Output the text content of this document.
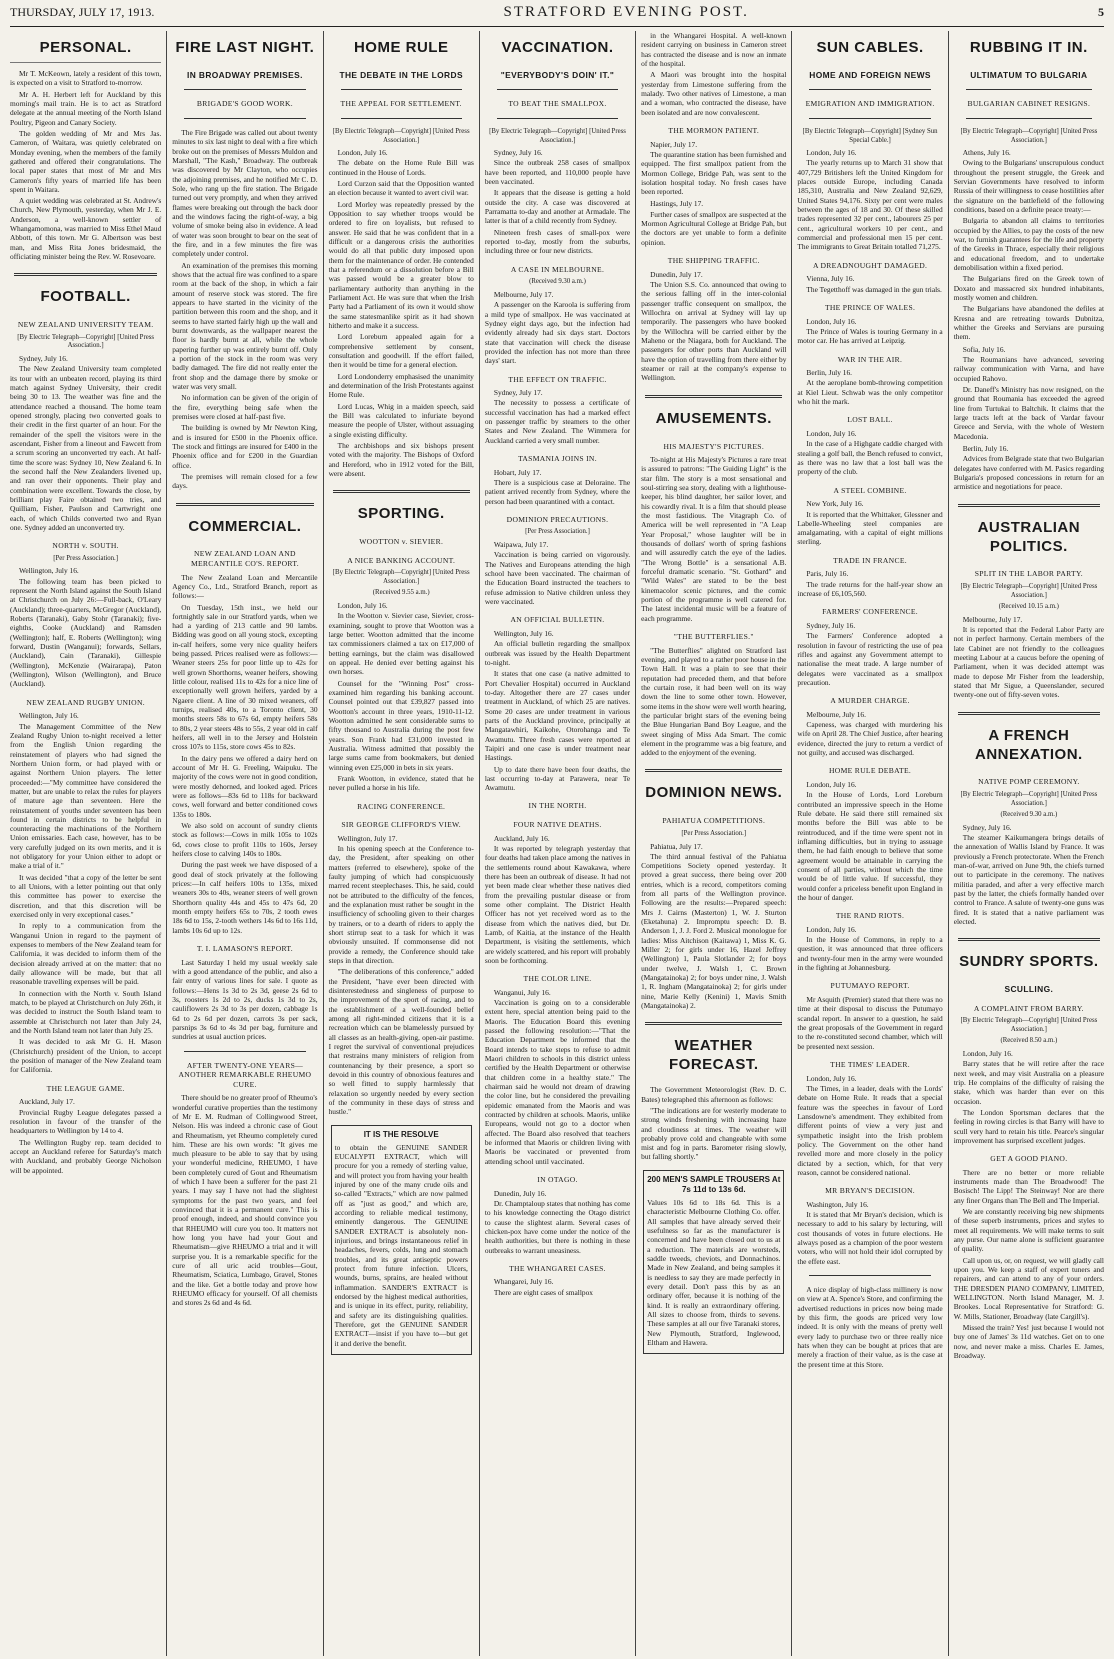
THURSDAY, JULY 17, 1913.	STRATFORD EVENING POST.	5
PERSONAL.

Mr T. McKeown, lately a resident of this town, is expected on a visit to Stratford to-morrow.

Mr A. H. Herbert left for Auckland by this morning's mail train. He is to act as Stratford delegate at the annual meeting of the North Island Poultry, Pigeon and Canary Society.

The golden wedding of Mr and Mrs Jas. Cameron, of Waitara, was quietly celebrated on Monday evening, when the members of the family gathered and offered their congratulations. The local paper states that most of Mr and Mrs Cameron's fifty years of married life has been spent in Waitara.

A quiet wedding was celebrated at St. Andrew's Church, New Plymouth, yesterday, when Mr J. E. Anderson, a well-known settler of Whangamomona, was married to Miss Ethel Maud Abbott, of this town. Mr G. Albertson was best man, and Miss Rita Jones bridesmaid, the officiating minister being the Rev. W. Rosevoare.

FOOTBALL.
NEW ZEALAND UNIVERSITY TEAM.

[By Electric Telegraph—Copyright] [United Press Association.]

Sydney, July 16.

The New Zealand University team completed its tour with an unbeaten record, playing its third match against Sydney University, their credit being 30 to 13. The weather was fine and the attendance reached a thousand. The home team opened strongly, placing two converted goals to their credit in the first quarter of an hour. For the remainder of the spell the visitors were in the ascendant, Fisher from a lineout and Fawcett from a scrum scoring an unconverted try each. At half-time the score was: Sydney 10, New Zealand 6. In the second half the New Zealanders livened up, and ran over their opponents. Their play and combination were excellent. Towards the close, by brilliant play Faire obtained two tries, and Quilliam, Fisher, Paulson and Cartwright one each, of which Childs converted two and Ryan one. Sydney added an unconverted try.

NORTH v. SOUTH.

[Per Press Association.]

Wellington, July 16.

The following team has been picked to represent the North Island against the South Island at Christchurch on July 26:—Full-back, O'Leary (Auckland); three-quarters, McGregor (Auckland), Roberts (Taranaki), Gaby Stohr (Taranaki); five-eighths, Cooke (Auckland) and Ramsden (Wellington); half, E. Roberts (Wellington); wing forward, Dustin (Wanganui); forwards, Sellars, (Auckland), Cain (Taranaki), Gillespie (Wellington), McKenzie (Wairarapa), Paton (Wellington), Wilson (Wellington), and Bruce (Auckland).

NEW ZEALAND RUGBY UNION.

Wellington, July 16.

The Management Committee of the New Zealand Rugby Union to-night received a letter from the English Union regarding the reinstatement of players who had signed the Northern Union form, or had played with or against Northern Union players. The letter proceeded:—"My committee have considered the matter, but are unable to relax the rules for players of mature age than seventeen. Here the reinstatement of youths under seventeen has been found in certain districts to be helpful in counteracting the machinations of the Northern Union emissaries. Each case, however, has to be very carefully judged on its own merits, and it is not obligatory for your Union either to adopt or make a trial of it."

It was decided "that a copy of the letter be sent to all Unions, with a letter pointing out that only this committee has power to exercise the discretion, and that this discretion will be exercised only in very exceptional cases."

In reply to a communication from the Wanganui Union in regard to the payment of expenses to members of the New Zealand team for California, it was decided to inform them of the decision already arrived at on the matter: that no daily allowance will be made, but that all reasonable travelling expenses will be paid.

In connection with the North v. South Island match, to be played at Christchurch on July 26th, it was decided to instruct the South Island team to assemble at Christchurch not later than July 24, and the North Island team not later than July 25.

It was decided to ask Mr G. H. Mason (Christchurch) president of the Union, to accept the position of manager of the New Zealand team for California.

THE LEAGUE GAME.

Auckland, July 17.

Provincial Rugby League delegates passed a resolution in favour of the transfer of the headquarters to Wellington by 14 to 4.

The Wellington Rugby rep. team decided to accept an Auckland referee for Saturday's match with Auckland, and probably George Nicholson will be appointed.

FIRE LAST NIGHT.
IN BROADWAY PREMISES.
BRIGADE'S GOOD WORK.

The Fire Brigade was called out about twenty minutes to six last night to deal with a fire which broke out on the premises of Messrs Muldon and Marshall, "The Kash," Broadway. The outbreak was discovered by Mr Clayton, who occupies the adjoining premises, and he notified Mr C. D. Sole, who rang up the fire station. The Brigade turned out very promptly, and when they arrived flames were breaking out through the back door and the windows facing the right-of-way, a big volume of smoke being also in evidence. A lead of water was soon brought to bear on the seat of the fire, and in a few minutes the fire was completely under control.

An examination of the premises this morning shows that the actual fire was confined to a spare room at the back of the shop, in which a fair amount of reserve stock was stored. The fire appears to have started in the vicinity of the partition between this room and the shop, and it seems to have started fairly high up the wall and burnt downwards, as the wallpaper nearest the floor is hardly burnt at all, while the whole papering further up was entirely burnt off. Only a portion of the stock in the room was very badly damaged. The fire did not really enter the front shop and the damage there by smoke or water was very small.

No information can be given of the origin of the fire, everything being safe when the premises were closed at half-past five.

The building is owned by Mr Newton King, and is insured for £500 in the Phoenix office. The stock and fittings are insured for £400 in the Phoenix office and for £200 in the Guardian office.

The premises will remain closed for a few days.

COMMERCIAL.
NEW ZEALAND LOAN AND MERCANTILE CO'S. REPORT.

The New Zealand Loan and Mercantile Agency Co., Ltd., Stratford Branch, report as follows:—

On Tuesday, 15th inst., we held our fortnightly sale in our Stratford yards, when we had a yarding of 213 cattle and 90 lambs. Bidding was good on all young stock, excepting in-calf heifers, some very nice quality heifers being passed. Prices realised were as follows:—Weaner steers 25s for poor little up to 42s for well grown Shorthorns, weaner heifers, showing little colour, realised 11s to 42s for a nice line of exceptionally well grown heifers, yarded by a Ngaere client. A line of 30 mixed weaners, off turnips, realised 40s, to a Toronto client, 30 months steers 58s to 67s 6d, empty heifers 58s to 80s, 2 year steers 48s to 55s, 2 year old in calf heifers, all well in to the Jersey and Holstein cross 107s to 115s, store cows 45s to 82s.

In the dairy pens we offered a dairy herd on account of Mr H. G. Freeling, Waipuku. The majority of the cows were not in good condition, were mostly dehorned, and looked aged. Prices were as follows—83s 6d to 118s for backward cows, well forward and better conditioned cows 135s to 180s.

We also sold on account of sundry clients stock as follows:—Cows in milk 105s to 102s 6d, cows close to profit 110s to 160s, Jersey heifers close to calving 140s to 180s.

During the past week we have disposed of a good deal of stock privately at the following prices:—In calf heifers 100s to 135s, mixed weaners 30s to 40s, weaner steers of well grown Shorthorn quality 44s and 45s to 47s 6d, 20 month empty heifers 65s to 70s, 2 tooth ewes 18s 6d to 15s, 2-tooth wethers 14s 6d to 16s 11d, lambs 10s 6d up to 12s.

T. I. LAMASON'S REPORT.

Last Saturday I held my usual weekly sale with a good attendance of the public, and also a fair entry of various lines for sale. I quote as follows:—Hens 1s 3d to 2s 3d, geese 2s 6d to 3s, roosters 1s 2d to 2s, ducks 1s 3d to 2s, cauliflowers 2s 3d to 3s per dozen, cabbage 1s 6d to 2s 6d per dozen, carrots 3s per sack, parsnips 3s 6d to 4s 3d per bag, furniture and sundries at usual auction prices.

AFTER TWENTY-ONE YEARS—ANOTHER REMARKABLE RHEUMO CURE.

There should be no greater proof of Rheumo's wonderful curative properties than the testimony of Mr E. M. Rudman of Collingwood Street, Nelson. His was indeed a chronic case of Gout and Rheumatism, yet Rheumo completely cured him. These are his own words: "It gives me much pleasure to be able to say that by using your wonderful medicine, RHEUMO, I have been completely cured of Gout and Rheumatism of which I have been a sufferer for the past 21 years. I may say I have not had the slightest symptoms for the past two years, and feel convinced that it is a permanent cure." This is proof enough, indeed, and should convince you that RHEUMO will cure you too. It matters not how long you have had your Gout and Rheumatism—give RHEUMO a trial and it will surprise you. It is a remarkable specific for the cure of all uric acid troubles—Gout, Rheumatism, Sciatica, Lumbago, Gravel, Stones and the like. Get a bottle today and prove how RHEUMO efficacy for yourself. Of all chemists and stores 2s 6d and 4s 6d.

HOME RULE
THE DEBATE IN THE LORDS
THE APPEAL FOR SETTLEMENT.

[By Electric Telegraph—Copyright] [United Press Association.]

London, July 16.

The debate on the Home Rule Bill was continued in the House of Lords.

Lord Curzon said that the Opposition wanted an election because it wanted to avert civil war.

Lord Morley was repeatedly pressed by the Opposition to say whether troops would be ordered to fire on loyalists, but refused to answer. He said that he was confident that in a difficult or a dangerous crisis the authorities would do all that public duty imposed upon them for the maintenance of order. He contended that a referendum or a dissolution before a Bill was passed would be a greater blow to parliamentary authority than anything in the Parliament Act. He was sure that when the Irish Party had a Parliament of its own it would show the same statesmanlike spirit as it had shown hitherto and make it a success.

Lord Loreburn appealed again for a comprehensive settlement by consent, consultation and goodwill. If the effort failed, then it would be time for a general election.

Lord Londonderry emphasised the unanimity and determination of the Irish Protestants against Home Rule.

Lord Lucas, Whig in a maiden speech, said the Bill was calculated to infuriate beyond measure the people of Ulster, without assuaging a single existing difficulty.

The archbishops and six bishops present voted with the majority. The Bishops of Oxford and Hereford, who in 1912 voted for the Bill, were absent.

SPORTING.
WOOTTON v. SIEVIER.
A NICE BANKING ACCOUNT.

[By Electric Telegraph—Copyright] [United Press Association.]

(Received 9.55 a.m.)

London, July 16.

In the Wootton v. Sievier case, Sievier, cross-examining, sought to prove that Wootton was a large better. Wootton admitted that the income tax commissioners claimed a tax on £17,000 of betting earnings, but the claim was disallowed on appeal. He denied ever betting against his own horses.

Counsel for the "Winning Post" cross-examined him regarding his banking account. Counsel pointed out that £39,827 passed into Wootton's account in three years, 1910-11-12. Wootton admitted he sent considerable sums to fifty thousand to Australia during the post few years. Son Frank had £31,000 invested in Australia. Witness admitted that possibly the large sums came from bookmakers, but denied winning even £25,000 in bets in six years.

Frank Wootton, in evidence, stated that he never pulled a horse in his life.

RACING CONFERENCE.
SIR GEORGE CLIFFORD'S VIEW.

Wellington, July 17.

In his opening speech at the Conference to-day, the President, after speaking on other matters (referred to elsewhere), spoke of the faulty jumping of which had conspicuously marred recent steeplechases. This, he said, could not be attributed to the difficulty of the fences, and the explanation must rather be sought in the insufficiency of schooling given to their charges by trainers, or to a dearth of riders to apply the short stirrup seat to a task for which it was obviously unsuited. If commonsense did not provide a remedy, the Conference should take steps in that direction.

"The deliberations of this conference," added the President, "have ever been directed with disinterestedness and singleness of purpose to the improvement of the sport of racing, and to the establishment of a well-founded belief among all right-minded citizens that it is a recreation which can be blamelessly pursued by all classes as an health-giving, open-air pastime. I regret the survival of conventional prejudices that restrains many ministers of religion from countenancing by their presence, a sport so devoid in this country of obnoxious features and so well fitted to supply harmlessly that relaxation so urgently needed by every section of the community in these days of stress and hustle."

IT IS THE RESOLVE

to obtain the GENUINE SANDER EUCALYPTI EXTRACT, which will procure for you a remedy of sterling value, and will protect you from having your health injured by one of the many crude oils and so-called "Extracts," which are now palmed off as "just as good," and which are, according to reliable medical testimony, eminently dangerous. The GENUINE SANDER EXTRACT is absolutely non-injurious, and brings instantaneous relief in headaches, fevers, colds, lung and stomach troubles, and its great antiseptic powers protect from future infection. Ulcers, wounds, burns, sprains, are healed without inflammation. SANDER'S EXTRACT is endorsed by the highest medical authorities, and is unique in its effect, purity, reliability, and safety are its distinguishing qualities. Therefore, get the GENUINE SANDER EXTRACT—insist if you have to—but get it and derive the benefit.

VACCINATION.
"EVERYBODY'S DOIN' IT."
TO BEAT THE SMALLPOX.

[By Electric Telegraph—Copyright] [United Press Association.]

Sydney, July 16.

Since the outbreak 258 cases of smallpox have been reported, and 110,000 people have been vaccinated.

It appears that the disease is getting a hold outside the city. A case was discovered at Parramatta to-day and another at Armadale. The latter is that of a child recently from Sydney.

Nineteen fresh cases of small-pox were reported to-day, mostly from the suburbs, including three or four new districts.

A CASE IN MELBOURNE.

(Received 9.30 a.m.)

Melbourne, July 17.

A passenger on the Karoola is suffering from a mild type of smallpox. He was vaccinated at Sydney eight days ago, but the infection had evidently already had six days start. Doctors state that vaccination will check the disease provided the infection has not more than three days' start.

THE EFFECT ON TRAFFIC.

Sydney, July 17.

The necessity to possess a certificate of successful vaccination has had a marked effect on passenger traffic by steamers to the other States and New Zealand. The Wimmera for Auckland carried a very small number.

TASMANIA JOINS IN.

Hobart, July 17.

There is a suspicious case at Deloraine. The patient arrived recently from Sydney, where the person had been quarantined with a contact.

DOMINION PRECAUTIONS.

[Per Press Association.]

Waipawa, July 17.

Vaccination is being carried on vigorously. The Natives and Europeans attending the high school have been vaccinated. The chairman of the Education Board instructed the teachers to refuse admission to Native children unless they were vaccinated.

AN OFFICIAL BULLETIN.

Wellington, July 16.

An official bulletin regarding the smallpox outbreak was issued by the Health Department to-night.

It states that one case (a native admitted to Port Chevalier Hospital) occurred in Auckland to-day. Altogether there are 27 cases under treatment in Auckland, of which 25 are natives. Some 20 cases are under treatment in various parts of the Auckland province, principally at Mangatawhiri, Kaikohe, Otorohanga and Te Awamutu. Three fresh cases were reported at Taipiri and one case is under treatment near Hastings.

Up to date there have been four deaths, the last occurring to-day at Parawera, near Te Awamutu.

IN THE NORTH.
FOUR NATIVE DEATHS.

Auckland, July 16.

It was reported by telegraph yesterday that four deaths had taken place among the natives in the settlements round about Kawakawa, where there has been an outbreak of disease. It had not yet been made clear whether these natives died from the prevailing pustular disease or from some other complaint. The District Health Officer has not yet received word as to the disease from which the natives died, but Dr. Lamb, of Kaitia, at the instance of the Health Department, is visiting the settlements, which are widely scattered, and his report will probably soon be forthcoming.

THE COLOR LINE.

Wanganui, July 16.

Vaccination is going on to a considerable extent here, special attention being paid to the Maoris. The Education Board this evening passed the following resolution:—"That the Education Department be informed that the Board intends to take steps to refuse to admit Maori children to schools in this district unless certified by the Health Department or otherwise that children come in a healthy state." The chairman said he would not dream of drawing the color line, but he considered the prevailing epidemic emanated from the Maoris and was contracted by children at schools. Maoris, unlike Europeans, would not go to a doctor when affected. The Board also resolved that teachers be informed that Maoris or children living with Maoris be vaccinated or prevented from attending school until vaccinated.

IN OTAGO.

Dunedin, July 16.

Dr. Champtaloup states that nothing has come to his knowledge connecting the Otago district to cause the slightest alarm. Several cases of chicken-pox have come under the notice of the health authorities, but there is nothing in these outbreaks to warrant uneasiness.

THE WHANGAREI CASES.

Whangarei, July 16.

There are eight cases of smallpox

in the Whangarei Hospital. A well-known resident carrying on business in Cameron street has contracted the disease and is now an inmate of the hospital.

A Maori was brought into the hospital yesterday from Limestone suffering from the malady. Two other natives of Limestone, a man and a woman, who contracted the disease, have been isolated and are now convalescent.

THE MORMON PATIENT.

Napier, July 17.

The quarantine station has been furnished and equipped. The first smallpox patient from the Mormon College, Bridge Pah, was sent to the isolation hospital today. No fresh cases have been reported.

Hastings, July 17.

Further cases of smallpox are suspected at the Mormon Agricultural College at Bridge Pah, but the doctors are yet unable to form a definite opinion.

THE SHIPPING TRAFFIC.

Dunedin, July 17.

The Union S.S. Co. announced that owing to the serious falling off in the inter-colonial passenger traffic consequent on smallpox, the Willochra on arrival at Sydney will lay up temporarily. The passengers who have booked by the Willochra will be carried either by the Maheno or the Niagara, both for Auckland. The passengers for other ports than Auckland will have the option of travelling from there either by steamer or rail at the company's expense to Wellington.

AMUSEMENTS.
HIS MAJESTY'S PICTURES.

To-night at His Majesty's Pictures a rare treat is assured to patrons: "The Guiding Light" is the star film. The story is a most sensational and soul-stirring sea story, dealing with a lighthouse-keeper, his blind daughter, her sailor lover, and his cowardly rival. It is a film that should please the most fastidious. The Vitagraph Co. of America will be well represented in "A Leap Year Proposal," whose laughter will be in thousands of dollars' worth of spring fashions and will assuredly catch the eye of the ladies. "The Wrong Bottle" is a sensational A.B. forceful dramatic scenario. "St. Gothard" and "Wild Wales" are stated to be the best kinemacolor scenic pictures, and the comic portion of the programme is well catered for. The latest incidental music will be a feature of each programme.

"THE BUTTERFLIES."

"The Butterflies" alighted on Stratford last evening, and played to a rather poor house in the Town Hall. It was a plain to see that their reputation had preceded them, and that before the curtain rose, it had been well on its way down the line to some other town. However, some items in the show were well worth hearing, the particular bright stars of the evening being the Blue Hungarian Band Boy League, and the sweet singing of Miss Ada Smart. The comic element in the programme was a big feature, and added to the enjoyment of the evening.

DOMINION NEWS.
PAHIATUA COMPETITIONS.

[Per Press Association.]

Pahiatua, July 17.

The third annual festival of the Pahiatua Competitions Society opened yesterday. It proved a great success, there being over 200 entries, which is a record, competitors coming from all parts of the Wellington province. Following are the results:—Prepared speech: Mrs J. Cairns (Masterton) 1, W. J. Sturton (Eketahuna) 2. Impromptu speech: D. B. Anderson 1, J. J. Ford 2. Musical monologue for ladies: Miss Aitchison (Kaitawa) 1, Miss K. G. Miller 2; for girls under 16, Hazel Jeffrey (Wellington) 1, Paula Slotlander 2; for boys under twelve, J. Walsh 1, C. Brown (Mangatainoka) 2; for boys under nine, J. Walsh 1, R. Ingham (Mangatainoka) 2; for girls under nine, Marie Kelly (Kenini) 1, Mavis Smith (Mangatainoka) 2.

WEATHER FORECAST.

The Government Meteorologist (Rev. D. C. Bates) telegraphed this afternoon as follows:

"The indications are for westerly moderate to strong winds freshening with increasing haze and cloudiness at times. The weather will probably prove cold and changeable with some mist and fog in parts. Barometer rising slowly, but falling shortly."

200 MEN'S SAMPLE TROUSERS At 7s 11d to 13s 6d.

Values 10s 6d to 18s 6d. This is a characteristic Melbourne Clothing Co. offer. All samples that have already served their usefulness so far as the manufacturer is concerned and have been closed out to us at a reduction. The materials are worsteds, saddle tweeds, cheviots, and Donnachinos. Made in New Zealand, and being samples it is needless to say they are made perfectly in every detail. Don't pass this by as an ordinary offer, because it is nothing of the kind. It is really an extraordinary offering. All sizes to choose from, thirds to sevens. These samples at all our five Taranaki stores, New Plymouth, Stratford, Inglewood, Eltham and Hawera.

SUN CABLES.
HOME AND FOREIGN NEWS
EMIGRATION AND IMMIGRATION.

[By Electric Telegraph—Copyright] [Sydney Sun Special Cable.]

London, July 16.

The yearly returns up to March 31 show that 407,729 Britishers left the United Kingdom for places outside Europe, including Canada 185,310, Australia and New Zealand 92,629, United States 94,176. Sixty per cent were males between the ages of 18 and 30. Of these skilled trades represented 32 per cent., labourers 25 per cent., agricultural workers 10 per cent., and commercial and professional men 15 per cent. The immigrants to Great Britain totalled 71,275.

A DREADNOUGHT DAMAGED.

Vienna, July 16.

The Tegetthoff was damaged in the gun trials.

THE PRINCE OF WALES.

London, July 16.

The Prince of Wales is touring Germany in a motor car. He has arrived at Leipzig.

WAR IN THE AIR.

Berlin, July 16.

At the aeroplane bomb-throwing competition at Kiel Lieut. Schwab was the only competitor who hit the mark.

LOST BALL.

London, July 16.

In the case of a Highgate caddie charged with stealing a golf ball, the Bench refused to convict, as there was no law that a lost ball was the property of the club.

A STEEL COMBINE.

New York, July 16.

It is reported that the Whittaker, Glessner and Labelle-Wheeling steel companies are amalgamating, with a capital of eight millions sterling.

TRADE IN FRANCE.

Paris, July 16.

The trade returns for the half-year show an increase of £6,105,560.

FARMERS' CONFERENCE.

Sydney, July 16.

The Farmers' Conference adopted a resolution in favour of restricting the use of pea rifles and against any Government attempt to nationalise the meat trade. A large number of delegates were vaccinated as a smallpox precaution.

A MURDER CHARGE.

Melbourne, July 16.

Capeness, was charged with murdering his wife on April 28. The Chief Justice, after hearing evidence, directed the jury to return a verdict of not guilty, and accused was discharged.

HOME RULE DEBATE.

London, July 16.

In the House of Lords, Lord Loreburn contributed an impressive speech in the Home Rule debate. He said there still remained six months before the Bill was able to be reintroduced, and if the time were spent not in inflaming difficulties, but in trying to assuage them, he had faith enough to believe that some agreement would be attainable in carrying the consent of all parties, without which the time would be of little value. If successful, they would confer a priceless benefit upon England in the hour of danger.

THE RAND RIOTS.

London, July 16.

In the House of Commons, in reply to a question, it was announced that three officers and twenty-four men in the army were wounded in the fighting at Johannesburg.

PUTUMAYO REPORT.

Mr Asquith (Premier) stated that there was no time at their disposal to discuss the Putumayo scandal report. In answer to a question, he said the great proposals of the Government in regard to the re-constituted second chamber, which will be presented next session.

THE TIMES' LEADER.

London, July 16.

The Times, in a leader, deals with the Lords' debate on Home Rule. It reads that a special feature was the speeches in favour of Lord Lansdowne's amendment. They exhibited from different points of view a very just and sympathetic insight into the Irish problem policy. The Government on the other hand revelled more and more closely in the policy dictated by a section, which, for that very reason, cannot be considered national.

MR BRYAN'S DECISION.

Washington, July 16.

It is stated that Mr Bryan's decision, which is necessary to add to his salary by lecturing, will cost thousands of votes in future elections. He always posed as a champion of the poor western voters, who will not hold their idol corrupted by the effete east.

A nice display of high-class millinery is now on view at A. Spence's Store, and confirming the advertised reductions in prices now being made by this firm, the goods are priced very low indeed. It is only with the means of pretty well every lady to purchase two or three really nice hats when they can be bought at prices that are merely a fraction of their value, as is the case at the present time at this Store.

RUBBING IT IN.
ULTIMATUM TO BULGARIA
BULGARIAN CABINET RESIGNS.

[By Electric Telegraph—Copyright] [United Press Association.]

Athens, July 16.

Owing to the Bulgarians' unscrupulous conduct throughout the present struggle, the Greek and Servian Governments have resolved to inform Russia of their willingness to cease hostilities after the signature on the battlefield of the following conditions, based on a definite peace treaty:—

Bulgaria to abandon all claims to territories occupied by the Allies, to pay the costs of the new war, to furnish guarantees for the life and property of the Greeks in Thrace, especially their religious and educational freedom, and to undertake demobilisation within a fixed period.

The Bulgarians fired on the Greek town of Doxato and massacred six hundred inhabitants, mostly women and children.

The Bulgarians have abandoned the defiles at Kresna and are retreating towards Dubnitza, whither the Greeks and Servians are pursuing them.

Sofia, July 16.

The Roumanians have advanced, severing railway communication with Varna, and have occupied Rahovo.

Dr. Daneff's Ministry has now resigned, on the ground that Roumania has exceeded the agreed line from Turtukai to Baltchik. It claims that the large tracts left at the back of Vardar favour Greece and Servia, with the whole of Western Macedonia.

Berlin, July 16.

Advices from Belgrade state that two Bulgarian delegates have conferred with M. Pasics regarding Bulgaria's proposed concessions in return for an armistice and negotiations for peace.

AUSTRALIAN POLITICS.
SPLIT IN THE LABOR PARTY.

[By Electric Telegraph—Copyright] [United Press Association.]

(Received 10.15 a.m.)

Melbourne, July 17.

It is reported that the Federal Labor Party are not in perfect harmony. Certain members of the late Cabinet are not friendly to the colleagues meeting Labour at a caucus before the opening of Parliament, when it was decided attempt was made to depose Mr Fisher from the leadership, stated that Mr Sigue, a Queenslander, secured twenty-one out of fifty-seven votes.

A FRENCH ANNEXATION.
NATIVE POMP CEREMONY.

[By Electric Telegraph—Copyright] [United Press Association.]

(Received 9.30 a.m.)

Sydney, July 16.

The steamer Kaikumangera brings details of the annexation of Wallis Island by France. It was previously a French protectorate. When the French man-of-war, arrived on June 9th, the chiefs turned out to participate in the ceremony. The natives militia paraded, and after a very effective march past by the latter, the chiefs formally handed over control to France. A salute of twenty-one guns was fired. It is stated that a native parliament was elected.

SUNDRY SPORTS.
SCULLING.
A COMPLAINT FROM BARRY.

[By Electric Telegraph—Copyright] [United Press Association.]

(Received 8.50 a.m.)

London, July 16.

Barry states that he will retire after the race next week, and may visit Australia on a pleasure trip. He complains of the difficulty of raising the stake, which was harder than ever on this occasion.

The London Sportsman declares that the feeling in rowing circles is that Barry will have to scull very hard to retain his title. Pearce's singular improvement has surprised excellent judges.

GET A GOOD PIANO.

There are no better or more reliable instruments made than The Broadwood! The Bosisch! The Lipp! The Steinway! Nor are there any finer Organs than The Bell and The Imperial.

We are constantly receiving big new shipments of these superb instruments, prices and styles to meet all requirements. We will make terms to suit any purse. Our name alone is sufficient guarantee of quality.

Call upon us, or, on request, we will gladly call upon you. We keep a staff of expert tuners and repairers, and can attend to any of your orders. THE DRESDEN PIANO COMPANY, LIMITED, WELLINGTON. North Island Manager, M. J. Brookes. Local Representative for Stratford: G. W. Mills, Stationer, Broadway (late Cargill's).

Missed the train? Yes! just because I would not buy one of James' 3s 11d watches. Get on to one now, and never make a miss. Charles E. James, Broadway.
